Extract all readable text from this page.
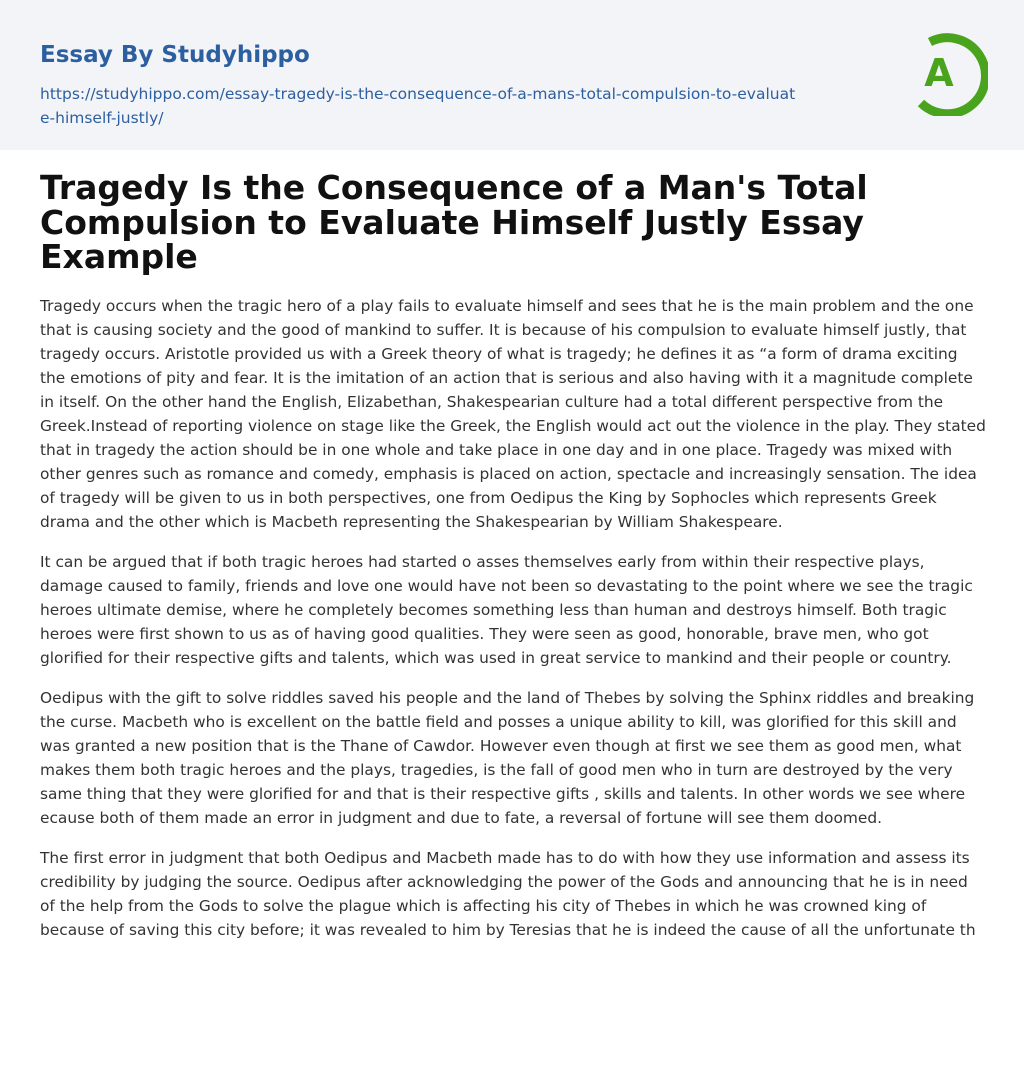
Essay By Studyhippo
https://studyhippo.com/essay-tragedy-is-the-consequence-of-a-mans-total-compulsion-to-evaluate-himself-justly/
A
Tragedy Is the Consequence of a Man's Total Compulsion to Evaluate Himself Justly Essay Example

Tragedy occurs when the tragic hero of a play fails to evaluate himself and sees that he is the main problem and the one that is causing society and the good of mankind to suffer. It is because of his compulsion to evaluate himself justly, that tragedy occurs. Aristotle provided us with a Greek theory of what is tragedy; he defines it as “a form of drama exciting the emotions of pity and fear. It is the imitation of an action that is serious and also having with it a magnitude complete in itself. On the other hand the English, Elizabethan, Shakespearian culture had a total different perspective from the Greek.Instead of reporting violence on stage like the Greek, the English would act out the violence in the play. They stated that in tragedy the action should be in one whole and take place in one day and in one place. Tragedy was mixed with other genres such as romance and comedy, emphasis is placed on action, spectacle and increasingly sensation. The idea of tragedy will be given to us in both perspectives, one from Oedipus the King by Sophocles which represents Greek drama and the other which is Macbeth representing the Shakespearian by William Shakespeare.

It can be argued that if both tragic heroes had started o asses themselves early from within their respective plays, damage caused to family, friends and love one would have not been so devastating to the point where we see the tragic heroes ultimate demise, where he completely becomes something less than human and destroys himself. Both tragic heroes were first shown to us as of having good qualities. They were seen as good, honorable, brave men, who got glorified for their respective gifts and talents, which was used in great service to mankind and their people or country.

Oedipus with the gift to solve riddles saved his people and the land of Thebes by solving the Sphinx riddles and breaking the curse. Macbeth who is excellent on the battle field and posses a unique ability to kill, was glorified for this skill and was granted a new position that is the Thane of Cawdor. However even though at first we see them as good men, what makes them both tragic heroes and the plays, tragedies, is the fall of good men who in turn are destroyed by the very same thing that they were glorified for and that is their respective gifts , skills and talents. In other words we see where ecause both of them made an error in judgment and due to fate, a reversal of fortune will see them doomed.

The first error in judgment that both Oedipus and Macbeth made has to do with how they use information and assess its credibility by judging the source. Oedipus after acknowledging the power of the Gods and announcing that he is in need of the help from the Gods to solve the plague which is affecting his city of Thebes in which he was crowned king of because of saving this city before; it was revealed to him by Teresias that he is indeed the cause of all the unfortunate th
